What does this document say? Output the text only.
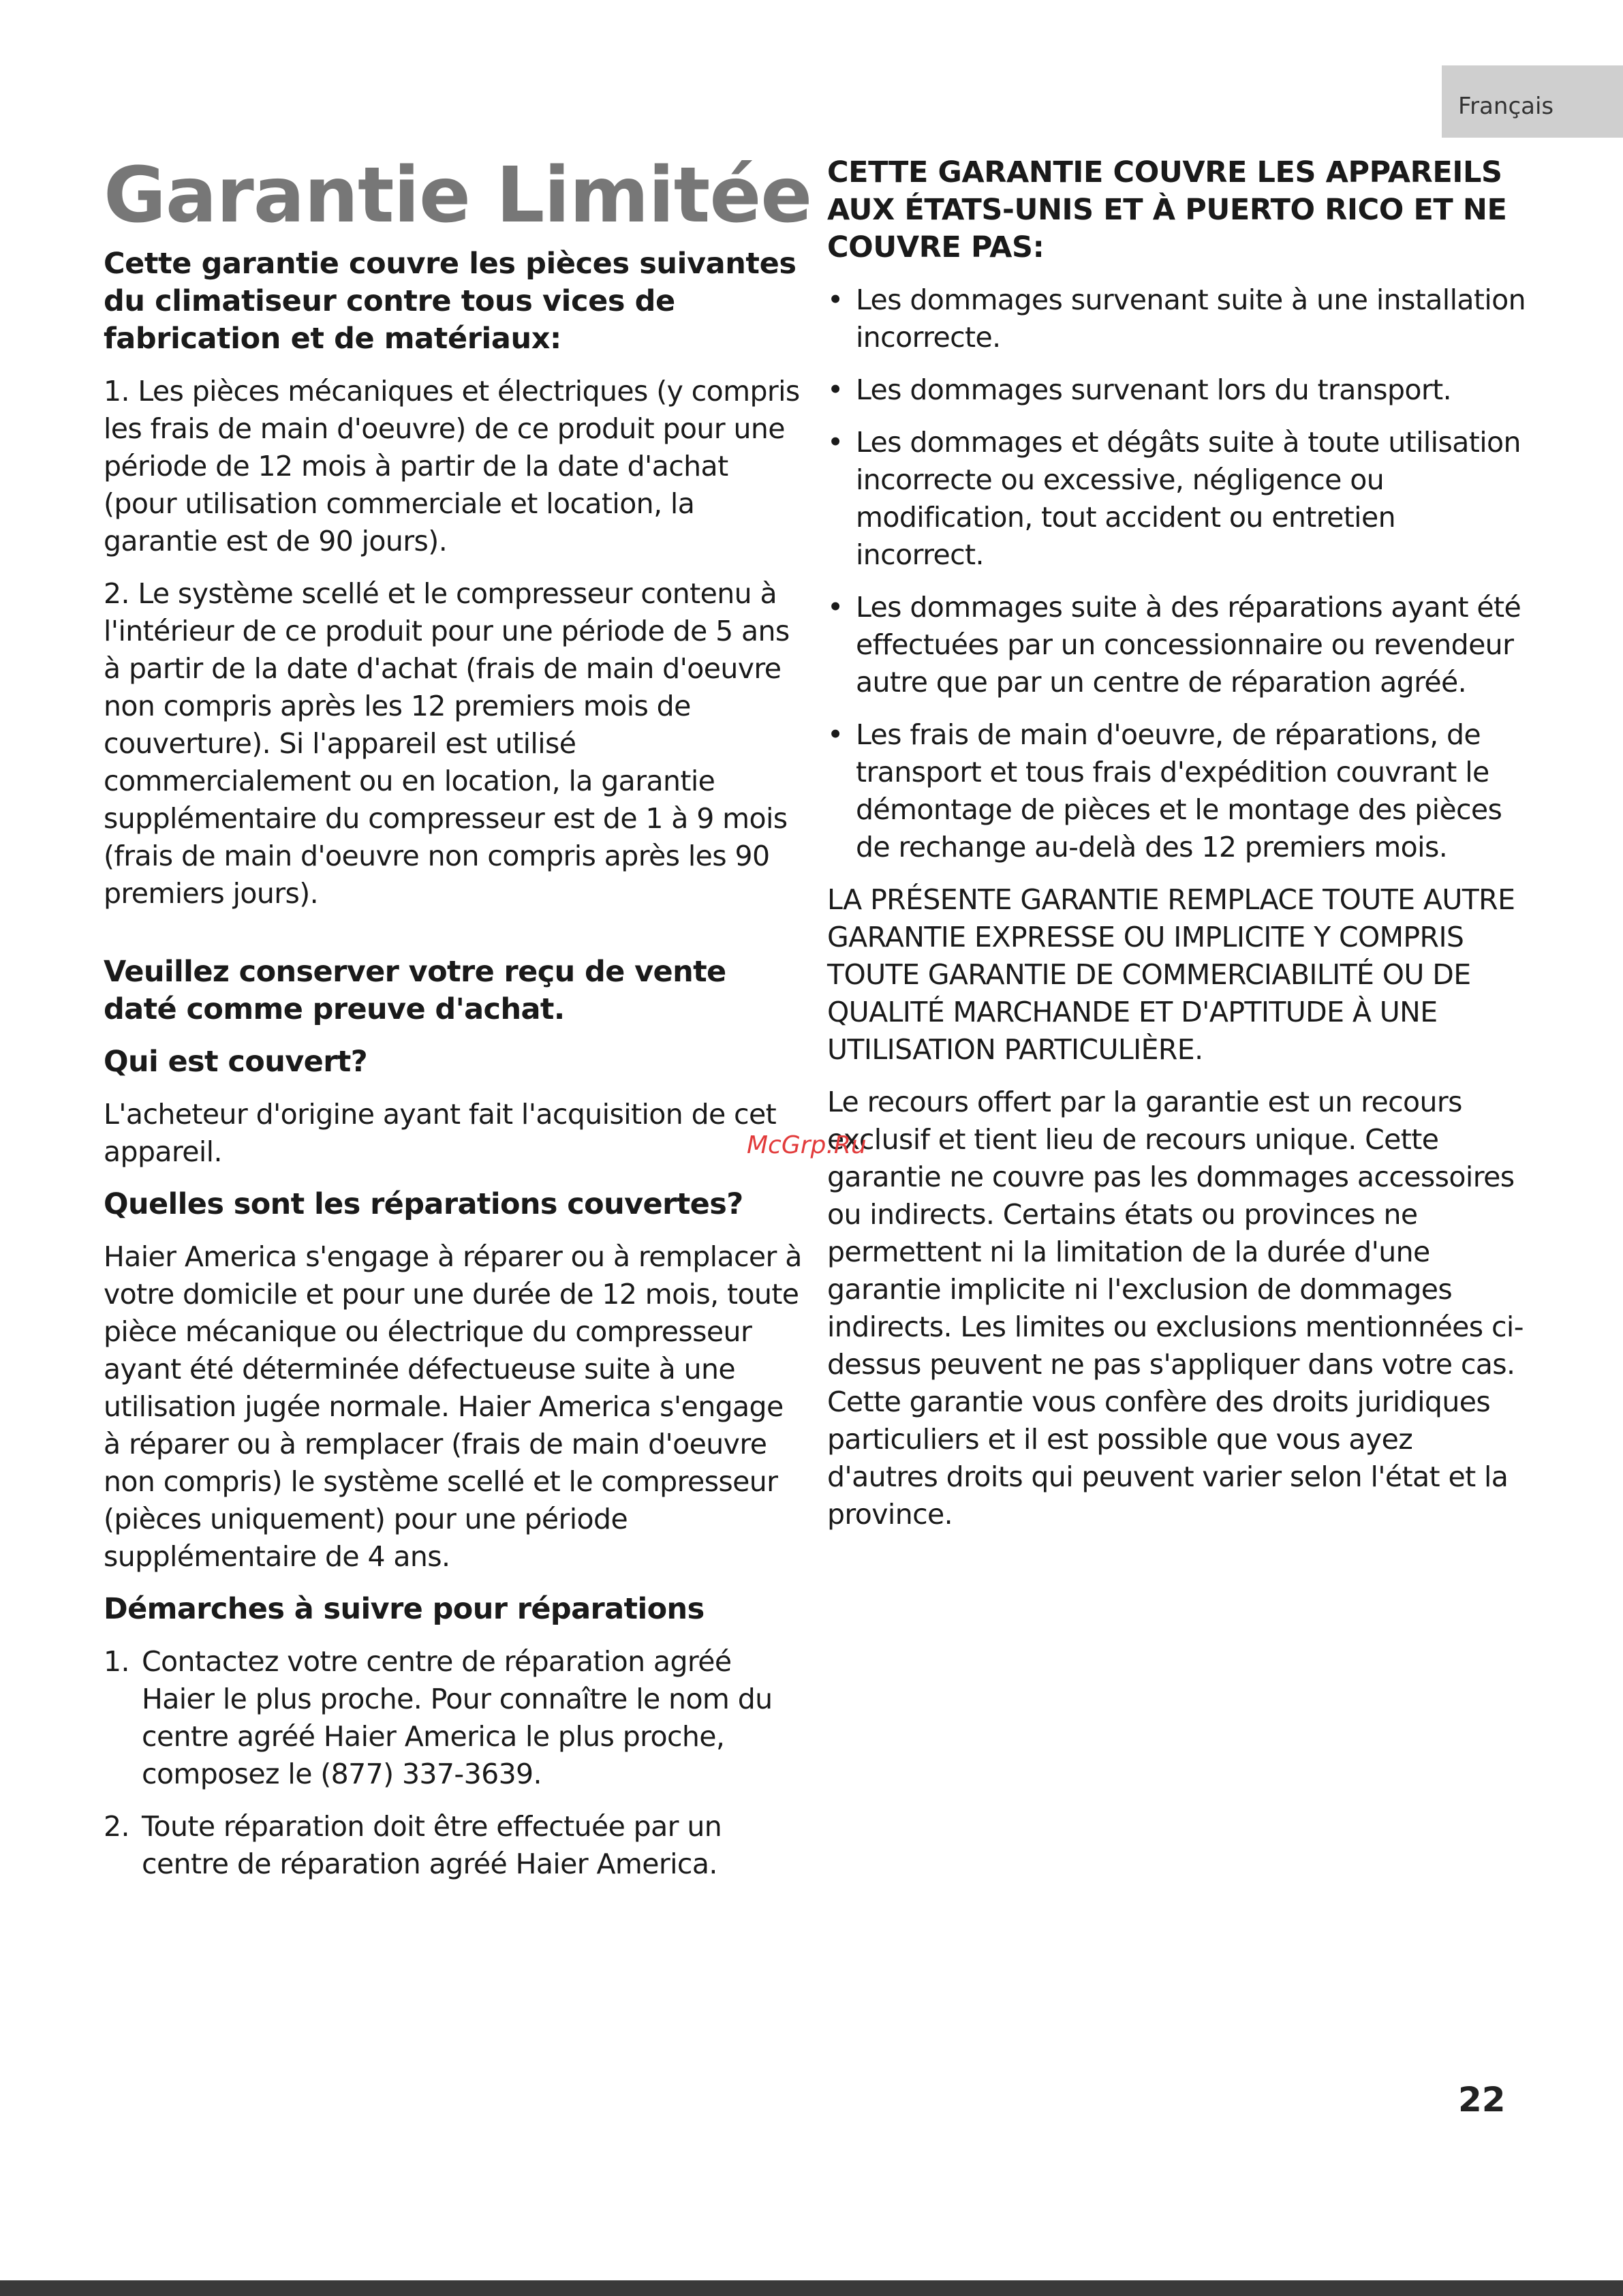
Français
Garantie Limitée

Cette garantie couvre les pièces suivantes du climatiseur contre tous vices de fabrication et de matériaux:

1. Les pièces mécaniques et électriques (y compris les frais de main d'oeuvre) de ce produit pour une période de 12 mois à partir de la date d'achat (pour utilisation commerciale et location, la garantie est de 90 jours).

2. Le système scellé et le compresseur contenu à l'intérieur de ce produit pour une période de 5 ans à partir de la date d'achat (frais de main d'oeuvre non compris après les 12 premiers mois de couverture). Si l'appareil est utilisé commercialement ou en location, la garantie supplémentaire du compresseur est de 1 à 9 mois (frais de main d'oeuvre non compris après les 90 premiers jours).

Veuillez conserver votre reçu de vente daté comme preuve d'achat.

Qui est couvert?

L'acheteur d'origine ayant fait l'acquisition de cet appareil.

Quelles sont les réparations couvertes?

Haier America s'engage à réparer ou à remplacer à votre domicile et pour une durée de 12 mois, toute pièce mécanique ou électrique du compresseur ayant été déterminée défectueuse suite à une utilisation jugée normale. Haier America s'engage à réparer ou à remplacer (frais de main d'oeuvre non compris) le système scellé et le compresseur (pièces uniquement) pour une période supplémentaire de 4 ans.

Démarches à suivre pour réparations

1. Contactez votre centre de réparation agréé Haier le plus proche. Pour connaître le nom du centre agréé Haier America le plus proche, composez le (877) 337-3639.
2. Toute réparation doit être effectuée par un centre de réparation agréé Haier America.

CETTE GARANTIE COUVRE LES APPAREILS AUX ÉTATS-UNIS ET À PUERTO RICO ET NE COUVRE PAS:

• Les dommages survenant suite à une installation incorrecte.
• Les dommages survenant lors du transport.
• Les dommages et dégâts suite à toute utilisation incorrecte ou excessive, négligence ou modification, tout accident ou entretien incorrect.
• Les dommages suite à des réparations ayant été effectuées par un concessionnaire ou revendeur autre que par un centre de réparation agréé.
• Les frais de main d'oeuvre, de réparations, de transport et tous frais d'expédition couvrant le démontage de pièces et le montage des pièces de rechange au-delà des 12 premiers mois.

LA PRÉSENTE GARANTIE REMPLACE TOUTE AUTRE GARANTIE EXPRESSE OU IMPLICITE Y COMPRIS TOUTE GARANTIE DE COMMERCIABILITÉ OU DE QUALITÉ MARCHANDE ET D'APTITUDE À UNE UTILISATION PARTICULIÈRE.

Le recours offert par la garantie est un recours exclusif et tient lieu de recours unique. Cette garantie ne couvre pas les dommages accessoires ou indirects. Certains états ou provinces ne permettent ni la limitation de la durée d'une garantie implicite ni l'exclusion de dommages indirects. Les limites ou exclusions mentionnées ci-dessus peuvent ne pas s'appliquer dans votre cas. Cette garantie vous confère des droits juridiques particuliers et il est possible que vous ayez d'autres droits qui peuvent varier selon l'état et la province.

McGrp.Ru
22
